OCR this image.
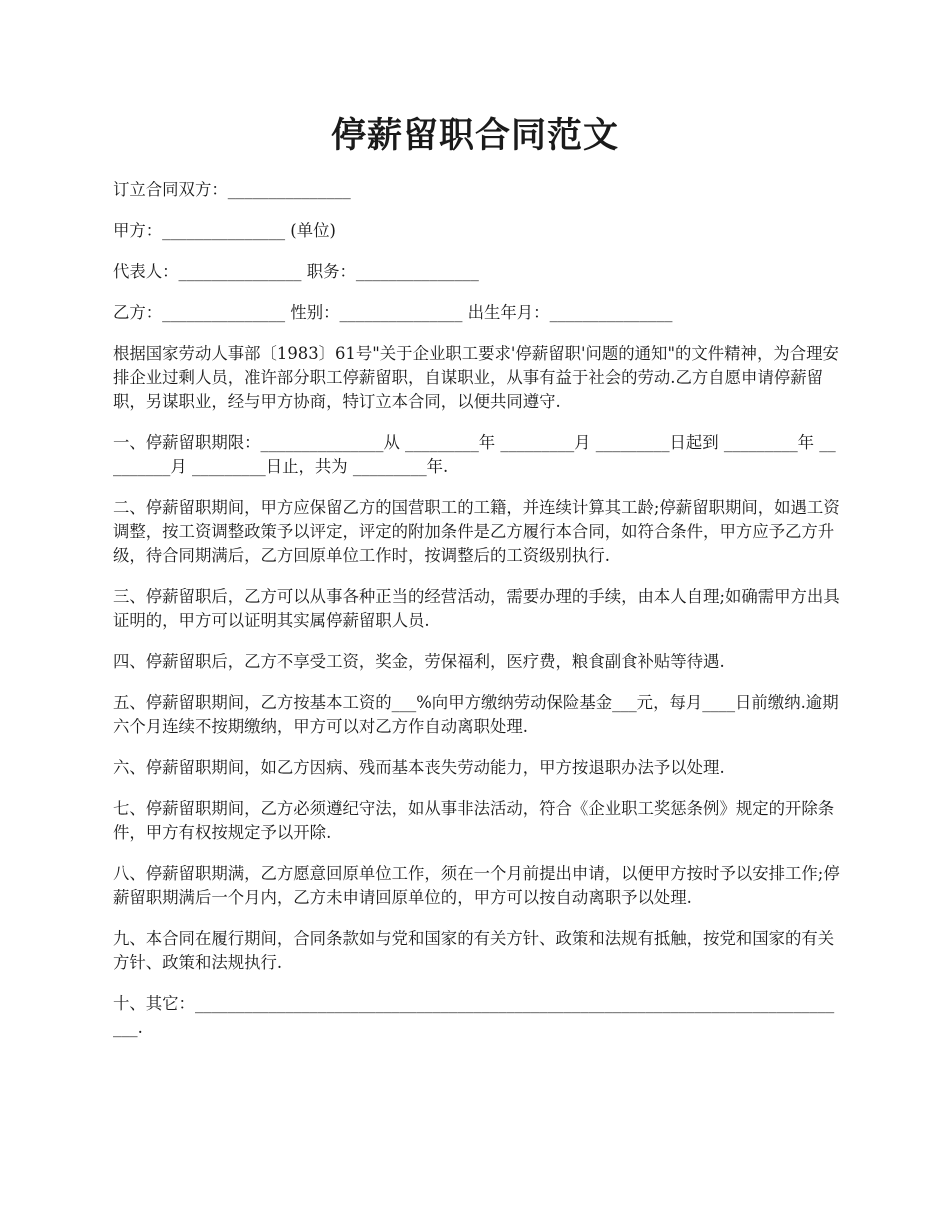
停薪留职合同范文

订立合同双方：_______________

甲方：_______________ (单位)

代表人：_______________ 职务：_______________

乙方：_______________ 性别：_______________ 出生年月：_______________

根据国家劳动人事部〔1983〕61号"关于企业职工要求'停薪留职'问题的通知"的文件精神，为合理安排企业过剩人员，准许部分职工停薪留职，自谋职业，从事有益于社会的劳动.乙方自愿申请停薪留职，另谋职业，经与甲方协商，特订立本合同，以便共同遵守.

一、停薪留职期限：_______________从 _________年 _________月 _________日起到 _________年 _________月 _________日止，共为 _________年.

二、停薪留职期间，甲方应保留乙方的国营职工的工籍，并连续计算其工龄;停薪留职期间，如遇工资调整，按工资调整政策予以评定，评定的附加条件是乙方履行本合同，如符合条件，甲方应予乙方升级，待合同期满后，乙方回原单位工作时，按调整后的工资级别执行.

三、停薪留职后，乙方可以从事各种正当的经营活动，需要办理的手续，由本人自理;如确需甲方出具证明的，甲方可以证明其实属停薪留职人员.

四、停薪留职后，乙方不享受工资，奖金，劳保福利，医疗费，粮食副食补贴等待遇.

五、停薪留职期间，乙方按基本工资的___%向甲方缴纳劳动保险基金___元，每月____日前缴纳.逾期六个月连续不按期缴纳，甲方可以对乙方作自动离职处理.

六、停薪留职期间，如乙方因病、残而基本丧失劳动能力，甲方按退职办法予以处理.

七、停薪留职期间，乙方必须遵纪守法，如从事非法活动，符合《企业职工奖惩条例》规定的开除条件，甲方有权按规定予以开除.

八、停薪留职期满，乙方愿意回原单位工作，须在一个月前提出申请，以便甲方按时予以安排工作;停薪留职期满后一个月内，乙方未申请回原单位的，甲方可以按自动离职予以处理.

九、本合同在履行期间，合同条款如与党和国家的有关方针、政策和法规有抵触，按党和国家的有关方针、政策和法规执行.

十、其它：_________________________________________________________________________________.
